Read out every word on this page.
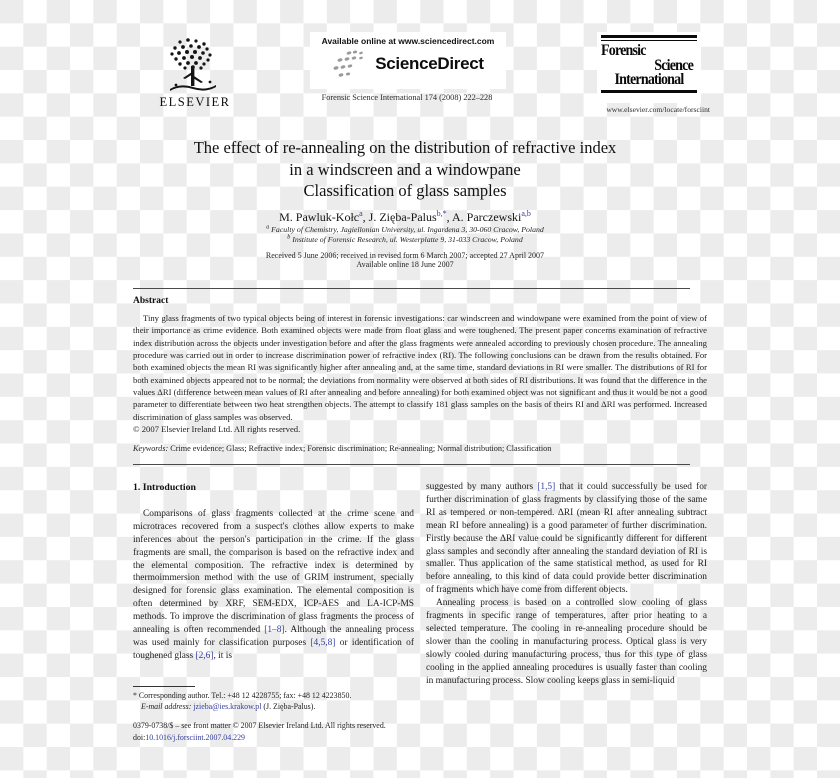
ELSEVIER
Available online at www.sciencedirect.com
ScienceDirect
Forensic Science International 174 (2008) 222–228
Forensic
Science
International
www.elsevier.com/locate/forsciint
The effect of re-annealing on the distribution of refractive index
in a windscreen and a windowpane
Classification of glass samples
M. Pawluk-Kołc$^a$, J. Zięba-Palus$^{b,*}$, A. Parczewski$^{a,b}$
$^a$ Faculty of Chemistry, Jagiellonian University, ul. Ingardena 3, 30-060 Cracow, Poland
$^b$ Institute of Forensic Research, ul. Westerplatte 9, 31-033 Cracow, Poland
Received 5 June 2006; received in revised form 6 March 2007; accepted 27 April 2007
Available online 18 June 2007
Abstract
Tiny glass fragments of two typical objects being of interest in forensic investigations: car windscreen and windowpane were examined from the point of view of their importance as crime evidence. Both examined objects were made from float glass and were toughened. The present paper concerns examination of refractive index distribution across the objects under investigation before and after the glass fragments were annealed according to previously chosen procedure. The annealing procedure was carried out in order to increase discrimination power of refractive index (RI). The following conclusions can be drawn from the results obtained. For both examined objects the mean RI was significantly higher after annealing and, at the same time, standard deviations in RI were smaller. The distributions of RI for both examined objects appeared not to be normal; the deviations from normality were observed at both sides of RI distributions. It was found that the difference in the values ΔRI (difference between mean values of RI after annealing and before annealing) for both examined object was not significant and thus it would be not a good parameter to differentiate between two heat strengthen objects. The attempt to classify 181 glass samples on the basis of theirs RI and ΔRI was performed. Increased discrimination of glass samples was observed.
© 2007 Elsevier Ireland Ltd. All rights reserved.
Keywords: Crime evidence; Glass; Refractive index; Forensic discrimination; Re-annealing; Normal distribution; Classification
1. Introduction

Comparisons of glass fragments collected at the crime scene and microtraces recovered from a suspect's clothes allow experts to make inferences about the person's participation in the crime. If the glass fragments are small, the comparison is based on the refractive index and the elemental composition. The refractive index is determined by thermoimmersion method with the use of GRIM instrument, specially designed for forensic glass examination. The elemental composition is often determined by XRF, SEM-EDX, ICP-AES and LA-ICP-MS methods. To improve the discrimination of glass fragments the process of annealing is often recommended [1–8]. Although the annealing process was used mainly for classification purposes [4,5,8] or identification of toughened glass [2,6], it is

suggested by many authors [1,5] that it could successfully be used for further discrimination of glass fragments by classifying those of the same RI as tempered or non-tempered. ΔRI (mean RI after annealing subtract mean RI before annealing) is a good parameter of further discrimination. Firstly because the ΔRI value could be significantly different for different glass samples and secondly after annealing the standard deviation of RI is smaller. Thus application of the same statistical method, as used for RI before annealing, to this kind of data could provide better discrimination of fragments which have come from different objects.

Annealing process is based on a controlled slow cooling of glass fragments in specific range of temperatures, after prior heating to a selected temperature. The cooling in re-annealing procedure should be slower than the cooling in manufacturing process. Optical glass is very slowly cooled during manufacturing process, thus for this type of glass cooling in the applied annealing procedures is usually faster than cooling in manufacturing process. Slow cooling keeps glass in semi-liquid

* Corresponding author. Tel.: +48 12 4228755; fax: +48 12 4223850.
E-mail address: jzieba@ies.krakow.pl (J. Zięba-Palus).
0379-0738/$ – see front matter © 2007 Elsevier Ireland Ltd. All rights reserved.
doi:10.1016/j.forsciint.2007.04.229
